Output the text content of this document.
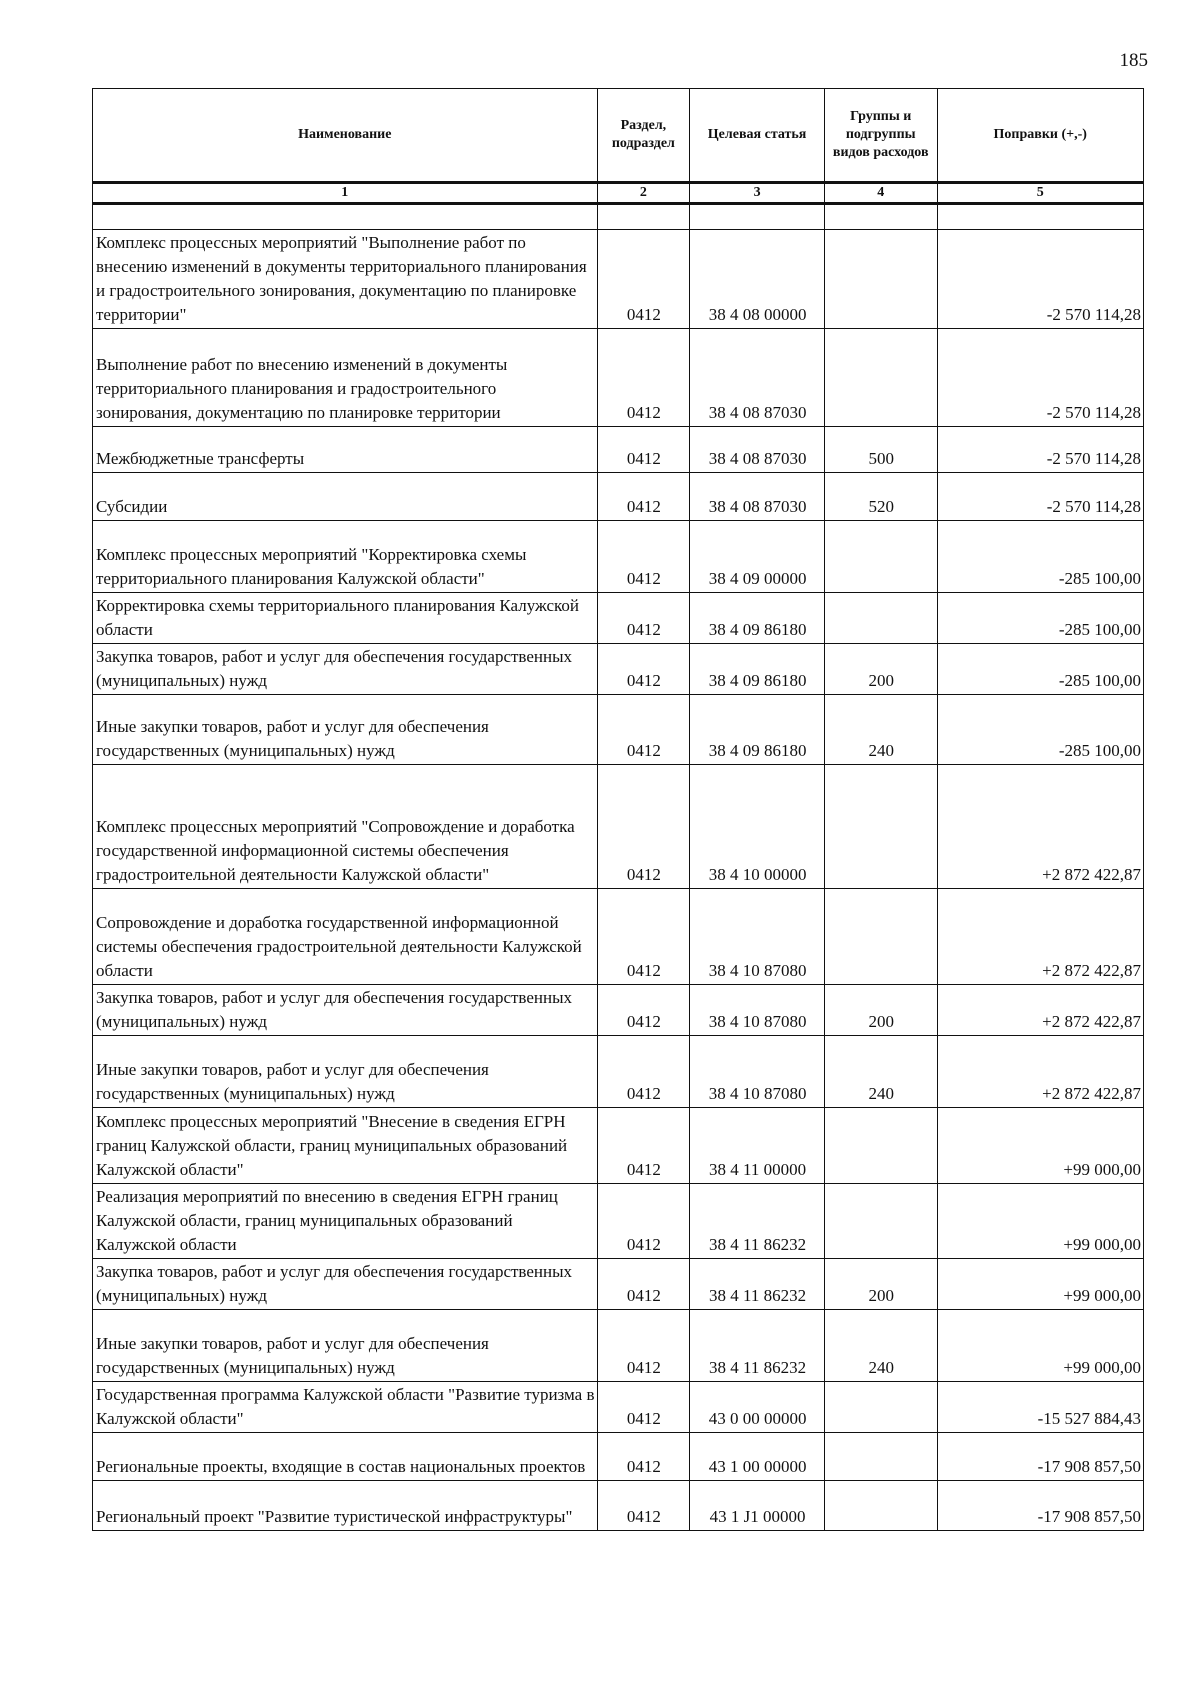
185
Наименование	Раздел, подраздел	Целевая статья	Группы и подгруппы видов расходов	Поправки (+,-)
1	2	3	4	5

Комплекс процессных мероприятий "Выполнение работ по внесению изменений в документы территориального планирования и градостроительного зонирования, документацию по планировке территории"	0412	38 4 08 00000		-2 570 114,28
Выполнение работ по внесению изменений в документы территориального планирования и градостроительного зонирования, документацию по планировке территории	0412	38 4 08 87030		-2 570 114,28
Межбюджетные трансферты	0412	38 4 08 87030	500	-2 570 114,28
Субсидии	0412	38 4 08 87030	520	-2 570 114,28
Комплекс процессных мероприятий "Корректировка схемы территориального планирования Калужской области"	0412	38 4 09 00000		-285 100,00
Корректировка схемы территориального планирования Калужской области	0412	38 4 09 86180		-285 100,00
Закупка товаров, работ и услуг для обеспечения государственных (муниципальных) нужд	0412	38 4 09 86180	200	-285 100,00
Иные закупки товаров, работ и услуг для обеспечения государственных (муниципальных) нужд	0412	38 4 09 86180	240	-285 100,00
Комплекс процессных мероприятий "Сопровождение и доработка государственной информационной системы обеспечения градостроительной деятельности Калужской области"	0412	38 4 10 00000		+2 872 422,87
Сопровождение и доработка государственной информационной системы обеспечения градостроительной деятельности Калужской области	0412	38 4 10 87080		+2 872 422,87
Закупка товаров, работ и услуг для обеспечения государственных (муниципальных) нужд	0412	38 4 10 87080	200	+2 872 422,87
Иные закупки товаров, работ и услуг для обеспечения государственных (муниципальных) нужд	0412	38 4 10 87080	240	+2 872 422,87
Комплекс процессных мероприятий "Внесение в сведения ЕГРН границ Калужской области, границ муниципальных образований Калужской области"	0412	38 4 11 00000		+99 000,00
Реализация мероприятий по внесению в сведения ЕГРН границ Калужской области, границ муниципальных образований Калужской области	0412	38 4 11 86232		+99 000,00
Закупка товаров, работ и услуг для обеспечения государственных (муниципальных) нужд	0412	38 4 11 86232	200	+99 000,00
Иные закупки товаров, работ и услуг для обеспечения государственных (муниципальных) нужд	0412	38 4 11 86232	240	+99 000,00
Государственная программа Калужской области "Развитие туризма в Калужской области"	0412	43 0 00 00000		-15 527 884,43
Региональные проекты, входящие в состав национальных проектов	0412	43 1 00 00000		-17 908 857,50
Региональный проект "Развитие туристической инфраструктуры"	0412	43 1 J1 00000		-17 908 857,50
